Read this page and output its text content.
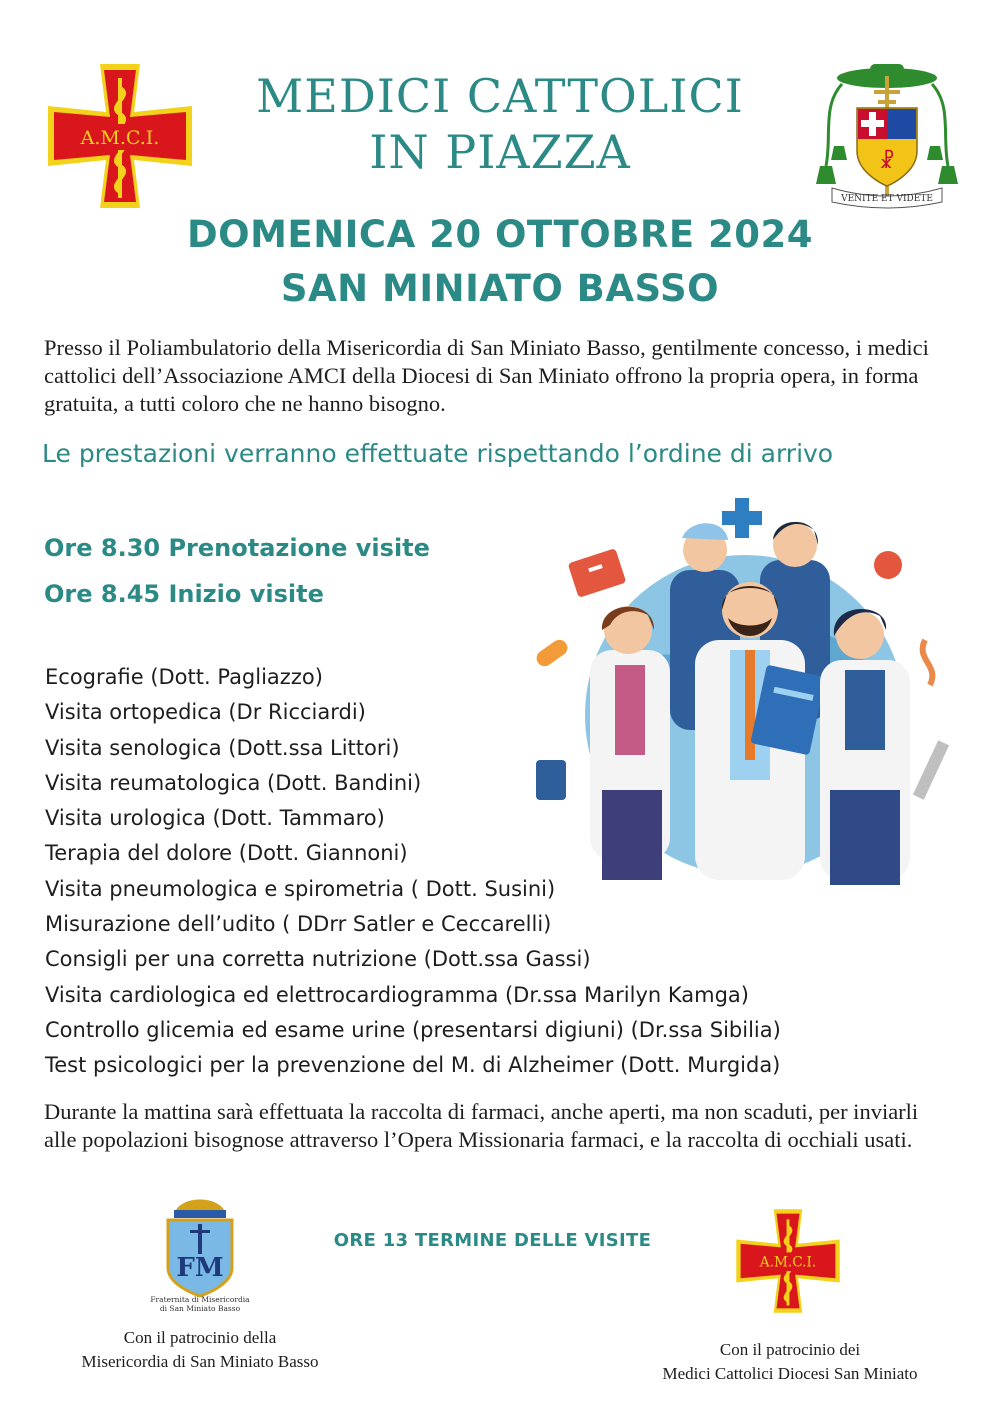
A.M.C.I.
☧
VENITE ET VIDETE
MEDICI CATTOLICI
IN PIAZZA
DOMENICA 20 OTTOBRE 2024
SAN MINIATO BASSO
Presso il Poliambulatorio della Misericordia di San Miniato Basso, gentilmente concesso, i medici cattolici dell’Associazione AMCI della Diocesi di San Miniato offrono la propria opera, in forma gratuita, a tutti coloro che ne hanno bisogno.
Le prestazioni verranno effettuate rispettando l’ordine di arrivo
Ore 8.30 Prenotazione visite
Ore 8.45 Inizio visite
Ecografie (Dott. Pagliazzo)
Visita ortopedica (Dr Ricciardi)
Visita senologica (Dott.ssa Littori)
Visita reumatologica (Dott. Bandini)
Visita urologica (Dott. Tammaro)
Terapia del dolore (Dott. Giannoni)
Visita pneumologica e spirometria ( Dott. Susini)
Misurazione dell’udito ( DDrr Satler e Ceccarelli)
Consigli per una corretta nutrizione (Dott.ssa Gassi)
Visita cardiologica ed elettrocardiogramma (Dr.ssa Marilyn Kamga)
Controllo glicemia ed esame urine (presentarsi digiuni) (Dr.ssa Sibilia)
Test psicologici per la prevenzione del M. di Alzheimer (Dott. Murgida)
Durante la mattina sarà effettuata la raccolta di farmaci, anche aperti, ma non scaduti, per inviarli alle popolazioni bisognose attraverso l’Opera Missionaria farmaci, e la raccolta di occhiali usati.
FM
Fraternita di Misericordia
di San Miniato Basso
ORE 13 TERMINE DELLE VISITE
A.M.C.I.
Con il patrocinio della
Misericordia di San Miniato Basso
Con il patrocinio dei
Medici Cattolici Diocesi San Miniato
